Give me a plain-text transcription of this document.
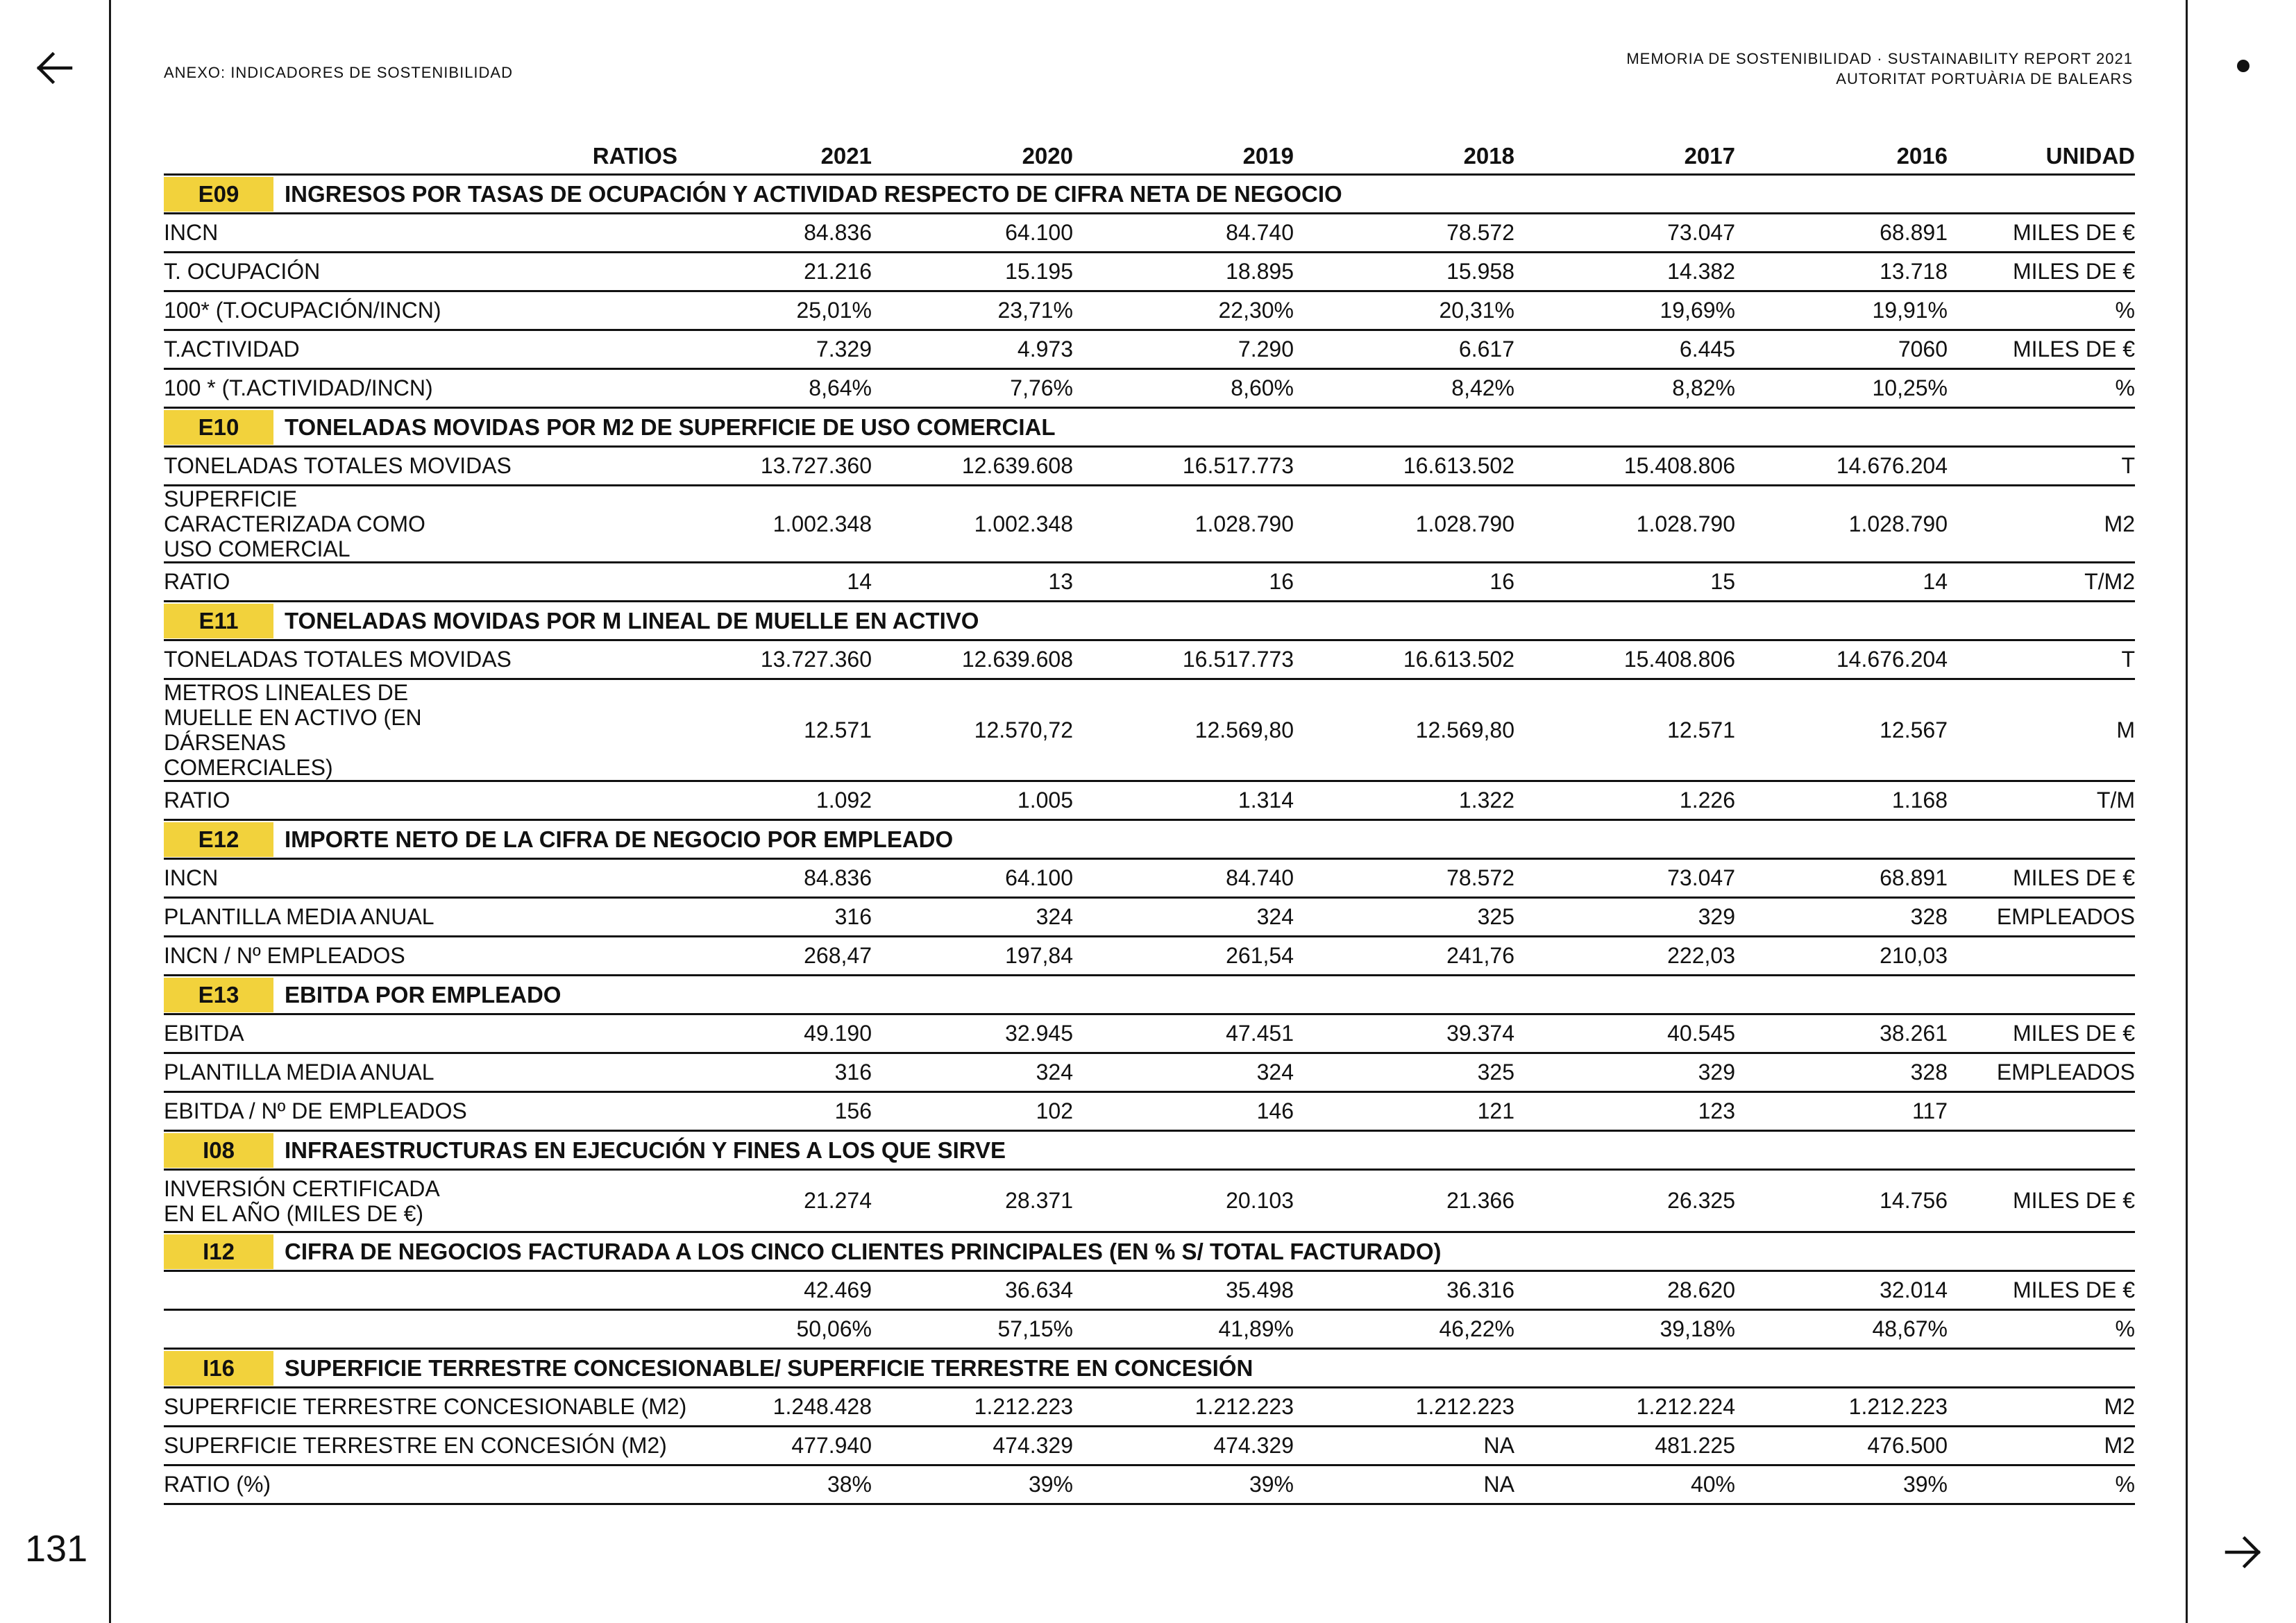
131
ANEXO: INDICADORES DE SOSTENIBILIDAD
MEMORIA DE SOSTENIBILIDAD · SUSTAINABILITY REPORT 2021
AUTORITAT PORTUÀRIA DE BALEARS
RATIOS	2021	2020	2019	2018	2017	2016	UNIDAD
E09 INGRESOS POR TASAS DE OCUPACIÓN Y ACTIVIDAD RESPECTO DE CIFRA NETA DE NEGOCIO							
INCN	84.836	64.100	84.740	78.572	73.047	68.891	MILES DE €
T. OCUPACIÓN	21.216	15.195	18.895	15.958	14.382	13.718	MILES DE €
100* (T.OCUPACIÓN/INCN)	25,01%	23,71%	22,30%	20,31%	19,69%	19,91%	%
T.ACTIVIDAD	7.329	4.973	7.290	6.617	6.445	7060	MILES DE €
100 * (T.ACTIVIDAD/INCN)	8,64%	7,76%	8,60%	8,42%	8,82%	10,25%	%
E10 TONELADAS MOVIDAS POR M2 DE SUPERFICIE DE USO COMERCIAL							
TONELADAS TOTALES MOVIDAS	13.727.360	12.639.608	16.517.773	16.613.502	15.408.806	14.676.204	T
SUPERFICIE CARACTERIZADA COMO USO COMERCIAL	1.002.348	1.002.348	1.028.790	1.028.790	1.028.790	1.028.790	M2
RATIO	14	13	16	16	15	14	T/M2
E11 TONELADAS MOVIDAS POR M LINEAL DE MUELLE EN ACTIVO							
TONELADAS TOTALES MOVIDAS	13.727.360	12.639.608	16.517.773	16.613.502	15.408.806	14.676.204	T
METROS LINEALES DE MUELLE EN ACTIVO (EN DÁRSENAS COMERCIALES)	12.571	12.570,72	12.569,80	12.569,80	12.571	12.567	M
RATIO	1.092	1.005	1.314	1.322	1.226	1.168	T/M
E12 IMPORTE NETO DE LA CIFRA DE NEGOCIO POR EMPLEADO							
INCN	84.836	64.100	84.740	78.572	73.047	68.891	MILES DE €
PLANTILLA MEDIA ANUAL	316	324	324	325	329	328	EMPLEADOS
INCN / Nº EMPLEADOS	268,47	197,84	261,54	241,76	222,03	210,03	
E13 EBITDA POR EMPLEADO							
EBITDA	49.190	32.945	47.451	39.374	40.545	38.261	MILES DE €
PLANTILLA MEDIA ANUAL	316	324	324	325	329	328	EMPLEADOS
EBITDA / Nº DE EMPLEADOS	156	102	146	121	123	117	
I08 INFRAESTRUCTURAS EN EJECUCIÓN Y FINES A LOS QUE SIRVE							
INVERSIÓN CERTIFICADA EN EL AÑO (MILES DE €)	21.274	28.371	20.103	21.366	26.325	14.756	MILES DE €
I12 CIFRA DE NEGOCIOS FACTURADA A LOS CINCO CLIENTES PRINCIPALES (EN % S/ TOTAL FACTURADO)							
	42.469	36.634	35.498	36.316	28.620	32.014	MILES DE €
	50,06%	57,15%	41,89%	46,22%	39,18%	48,67%	%
I16 SUPERFICIE TERRESTRE CONCESIONABLE/ SUPERFICIE TERRESTRE EN CONCESIÓN							
SUPERFICIE TERRESTRE CONCESIONABLE (M2)	1.248.428	1.212.223	1.212.223	1.212.223	1.212.224	1.212.223	M2
SUPERFICIE TERRESTRE EN CONCESIÓN (M2)	477.940	474.329	474.329	NA	481.225	476.500	M2
RATIO (%)	38%	39%	39%	NA	40%	39%	%
